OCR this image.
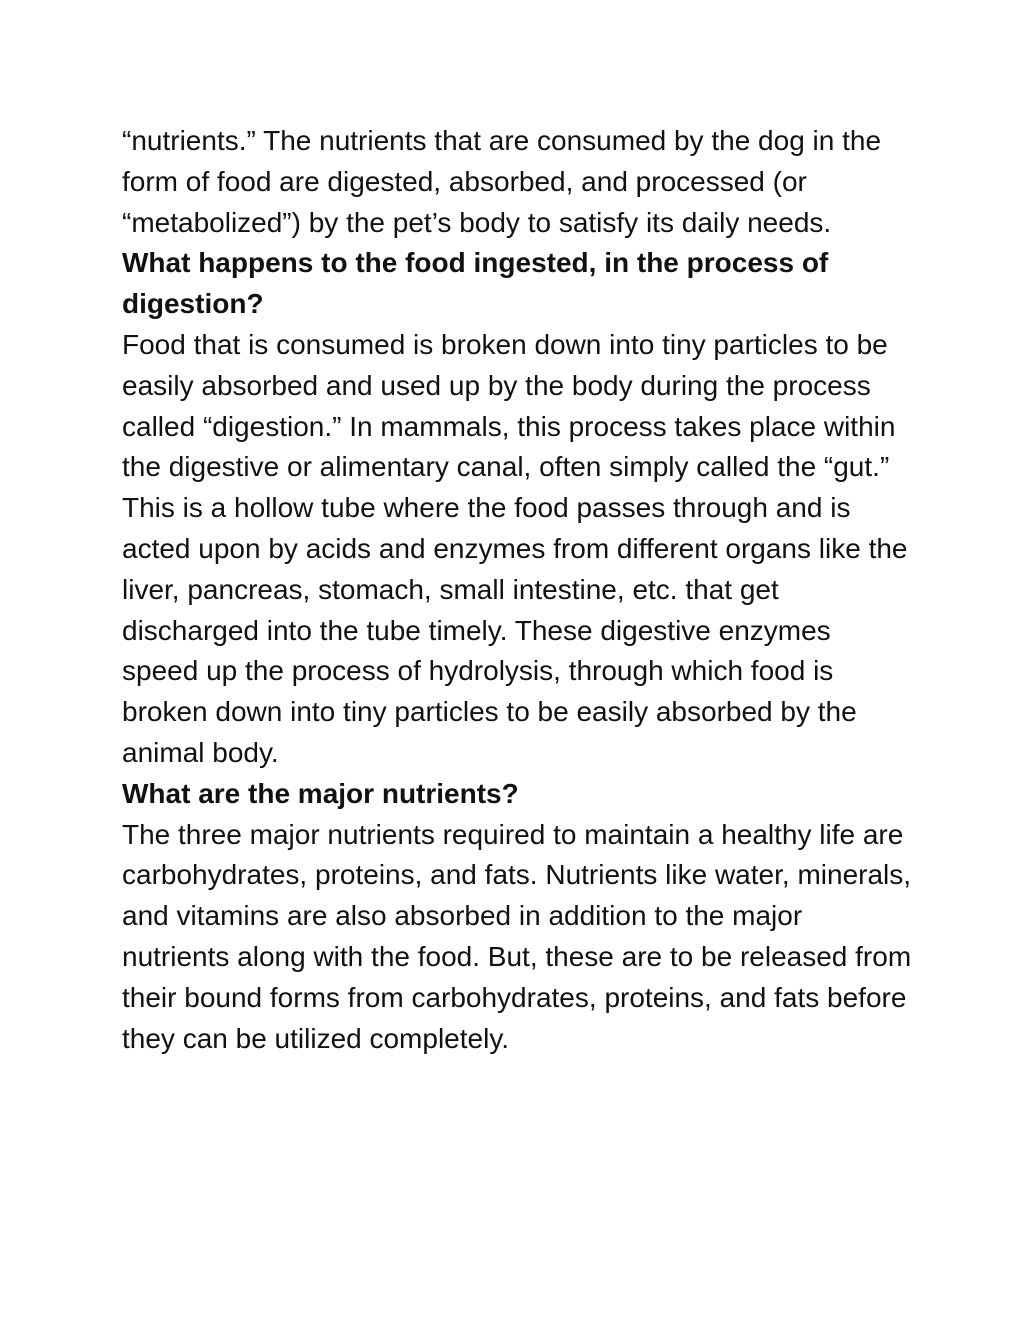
“nutrients.” The nutrients that are consumed by the dog in the form of food are digested, absorbed, and processed (or “metabolized”) by the pet’s body to satisfy its daily needs.

What happens to the food ingested, in the process of digestion?

Food that is consumed is broken down into tiny particles to be easily absorbed and used up by the body during the process called “digestion.” In mammals, this process takes place within the digestive or alimentary canal, often simply called the “gut.” This is a hollow tube where the food passes through and is acted upon by acids and enzymes from different organs like the liver, pancreas, stomach, small intestine, etc. that get discharged into the tube timely. These digestive enzymes speed up the process of hydrolysis, through which food is broken down into tiny particles to be easily absorbed by the animal body.

What are the major nutrients?

The three major nutrients required to maintain a healthy life are carbohydrates, proteins, and fats. Nutrients like water, minerals, and vitamins are also absorbed in addition to the major nutrients along with the food. But, these are to be released from their bound forms from carbohydrates, proteins, and fats before they can be utilized completely.
